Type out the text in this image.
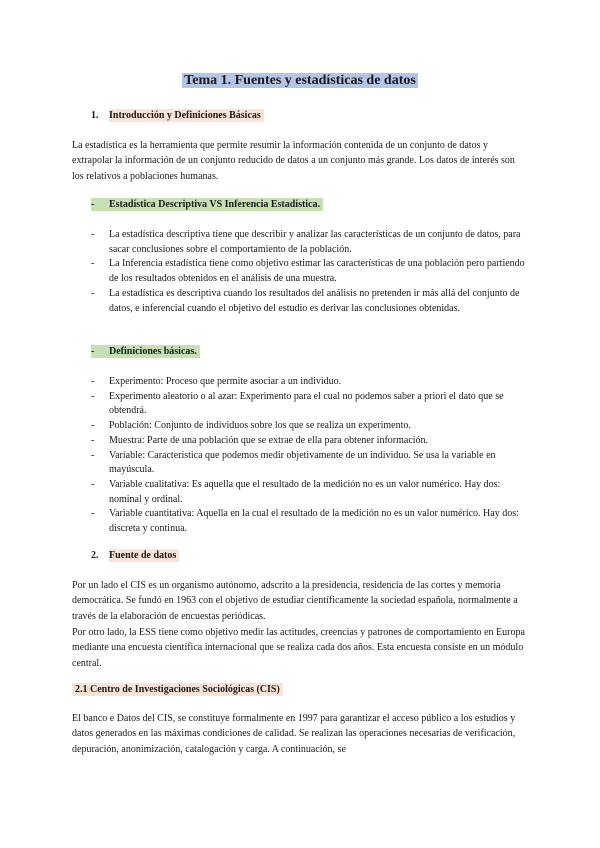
Tema 1. Fuentes y estadísticas de datos
1. Introducción y Definiciones Básicas
La estadística es la herramienta que permite resumir la información contenida de un conjunto de datos y extrapolar la información de un conjunto reducido de datos a un conjunto más grande. Los datos de interés son los relativos a poblaciones humanas.
- Estadística Descriptiva VS Inferencia Estadística.
- La estadística descriptiva tiene que describir y analizar las características de un conjunto de datos, para sacar conclusiones sobre el comportamiento de la población.
- La Inferencia estadística tiene como objetivo estimar las características de una población pero partiendo de los resultados obtenidos en el análisis de una muestra.
- La estadística es descriptiva cuando los resultados del análisis no pretenden ir más allá del conjunto de datos, e inferencial cuando el objetivo del estudio es derivar las conclusiones obtenidas.
- Definiciones básicas.
- Experimento: Proceso que permite asociar a un individuo.
- Experimento aleatorio o al azar: Experimento para el cual no podemos saber a priori el dato que se obtendrá.
- Población: Conjunto de individuos sobre los que se realiza un experimento.
- Muestra: Parte de una población que se extrae de ella para obtener información.
- Variable: Característica que podemos medir objetivamente de un individuo. Se usa la variable en mayúscula.
- Variable cualitativa: Es aquella que el resultado de la medición no es un valor numérico. Hay dos: nominal y ordinal.
- Variable cuantitativa: Aquella en la cual el resultado de la medición no es un valor numérico. Hay dos: discreta y continua.
2. Fuente de datos
Por un lado el CIS es un organismo autónomo, adscrito a la presidencia, residencia de las cortes y memoria democrática. Se fundó en 1963 con el objetivo de estudiar científicamente la sociedad española, normalmente a través de la elaboración de encuestas periódicas.
Por otro lado, la ESS tiene como objetivo medir las actitudes, creencias y patrones de comportamiento en Europa mediante una encuesta científica internacional que se realiza cada dos años. Esta encuesta consiste en un módulo central.
2.1 Centro de Investigaciones Sociológicas (CIS)
El banco e Datos del CIS, se constituye formalmente en 1997 para garantizar el acceso público a los estudios y datos generados en las máximas condiciones de calidad. Se realizan las operaciones necesarias de verificación, depuración, anonimización, catalogación y carga. A continuación, se
